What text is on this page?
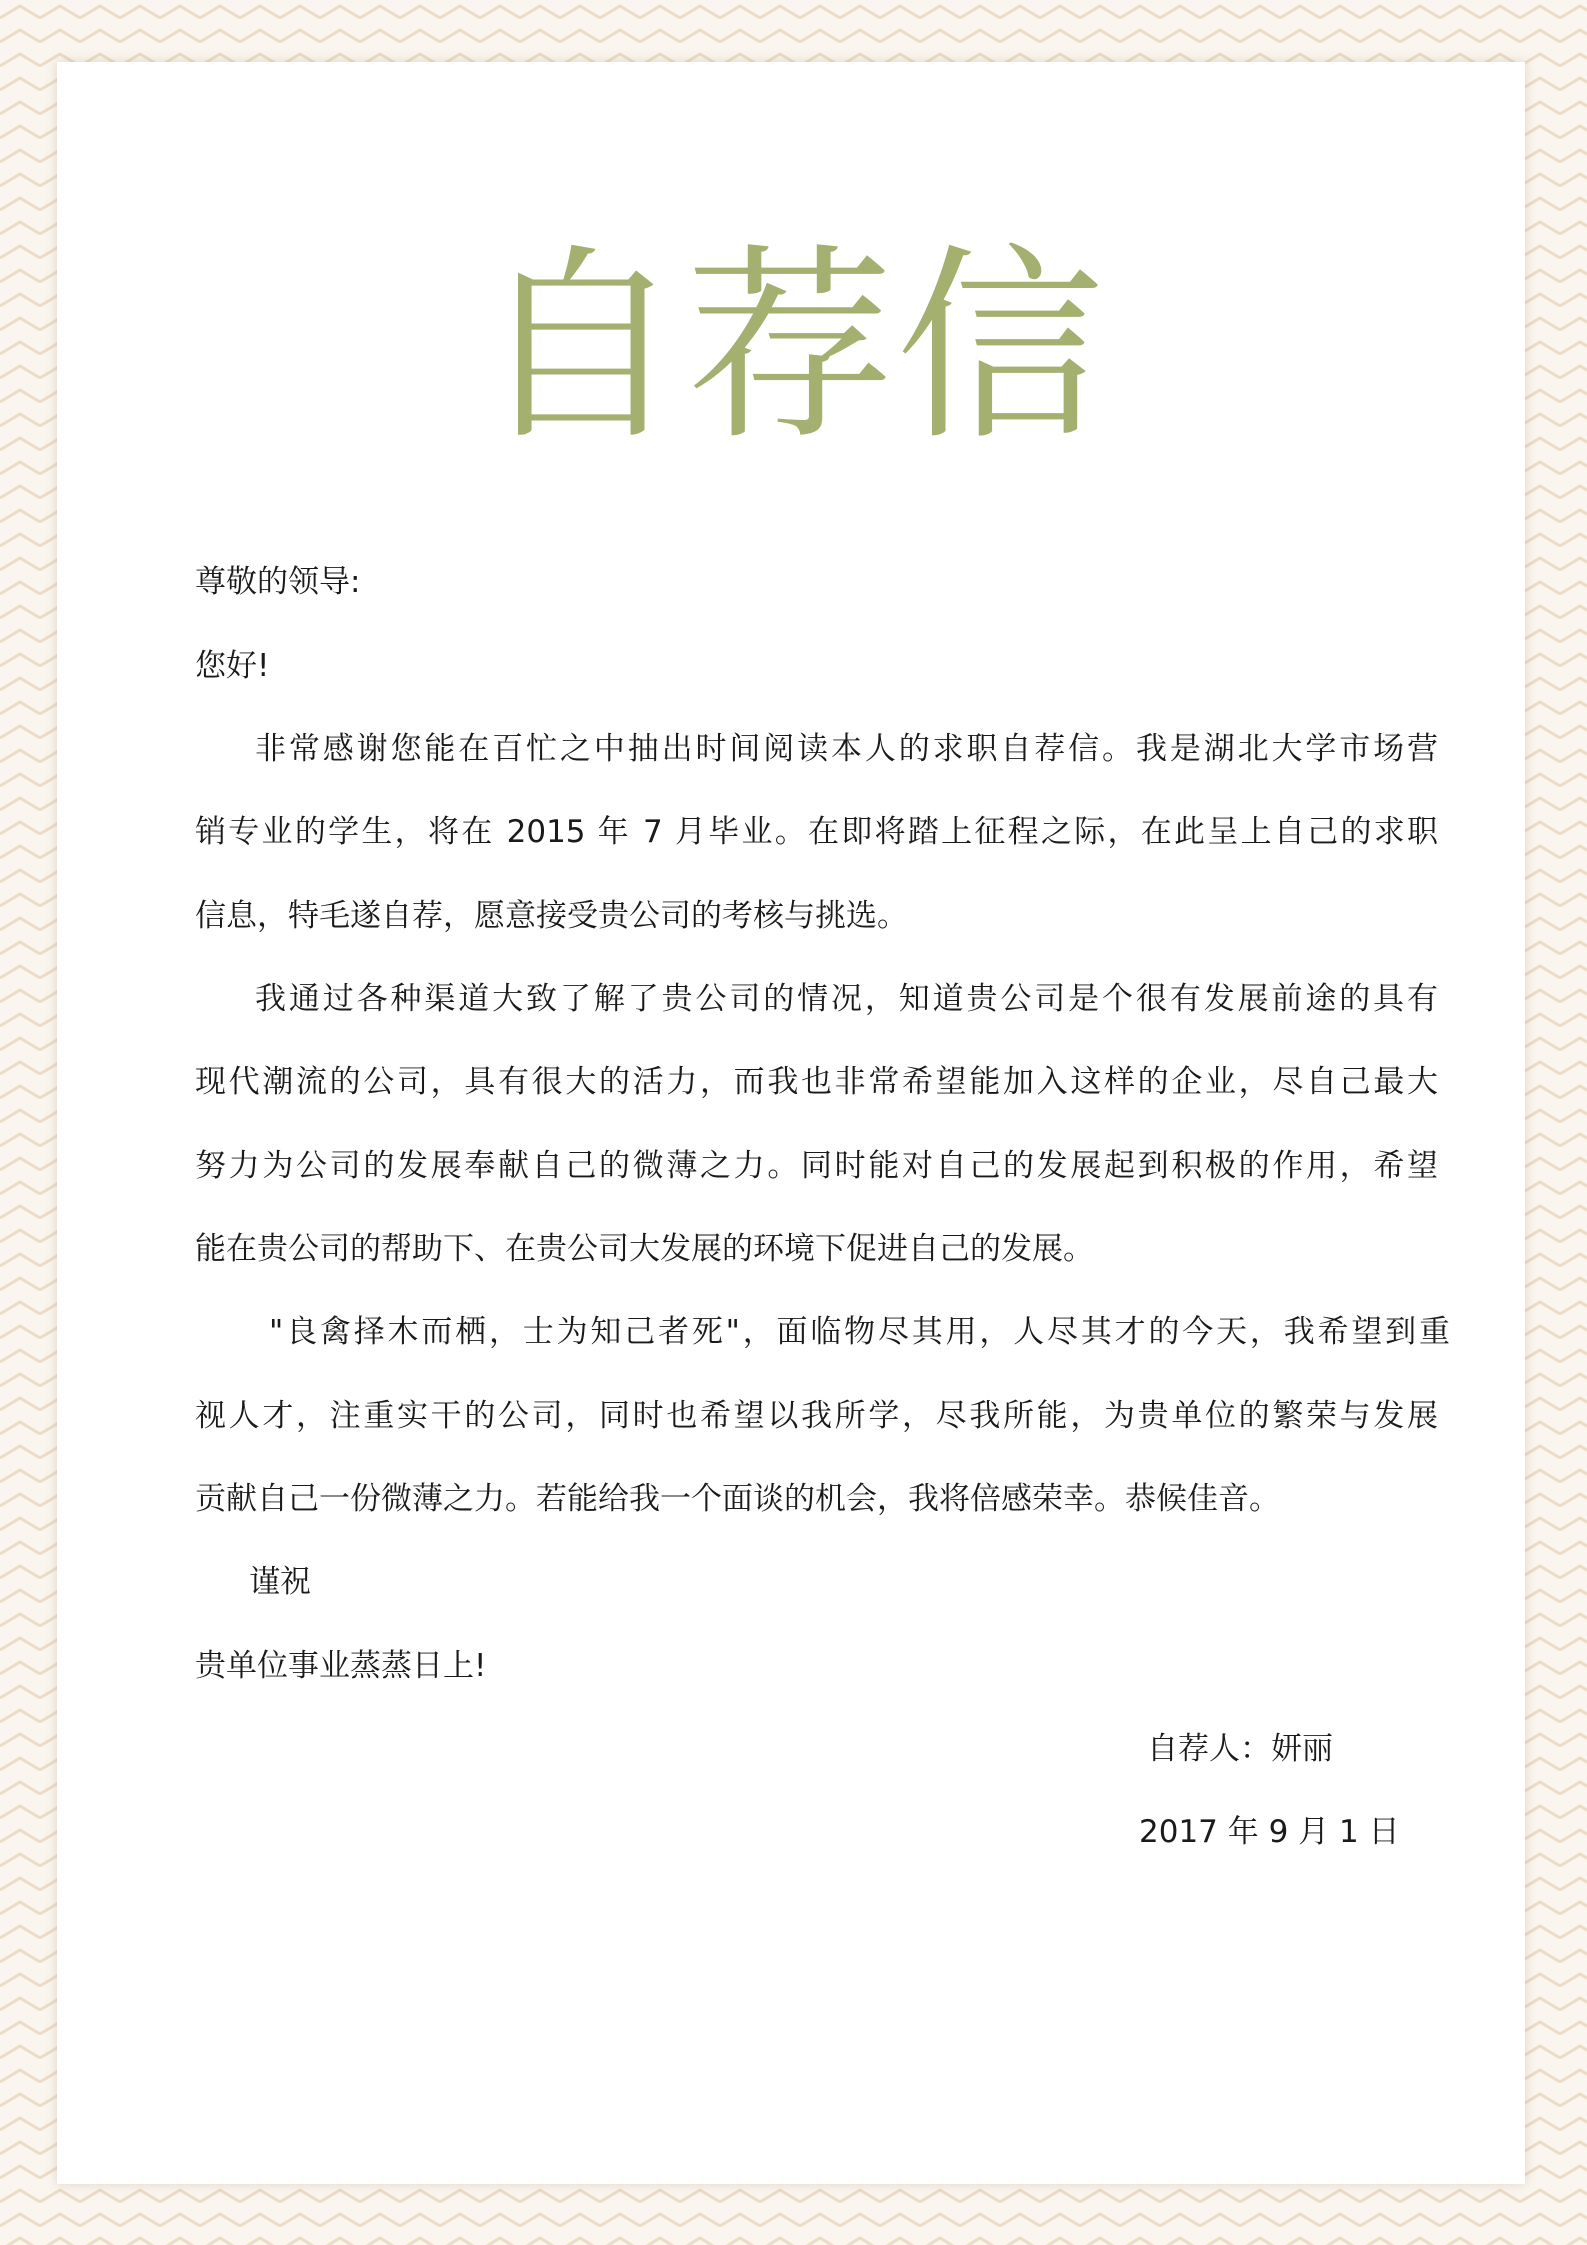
自荐信
尊敬的领导:
您好!
非常感谢您能在百忙之中抽出时间阅读本人的求职自荐信。我是湖北大学市场营
销专业的学生，将在 2015 年 7 月毕业。在即将踏上征程之际，在此呈上自己的求职
信息，特毛遂自荐，愿意接受贵公司的考核与挑选。
我通过各种渠道大致了解了贵公司的情况，知道贵公司是个很有发展前途的具有
现代潮流的公司，具有很大的活力，而我也非常希望能加入这样的企业，尽自己最大
努力为公司的发展奉献自己的微薄之力。同时能对自己的发展起到积极的作用，希望
能在贵公司的帮助下、在贵公司大发展的环境下促进自己的发展。
"良禽择木而栖，士为知己者死"，面临物尽其用，人尽其才的今天，我希望到重
视人才，注重实干的公司，同时也希望以我所学，尽我所能，为贵单位的繁荣与发展
贡献自己一份微薄之力。若能给我一个面谈的机会，我将倍感荣幸。恭候佳音。
谨祝
贵单位事业蒸蒸日上!
自荐人：妍丽
2017 年 9 月 1 日
